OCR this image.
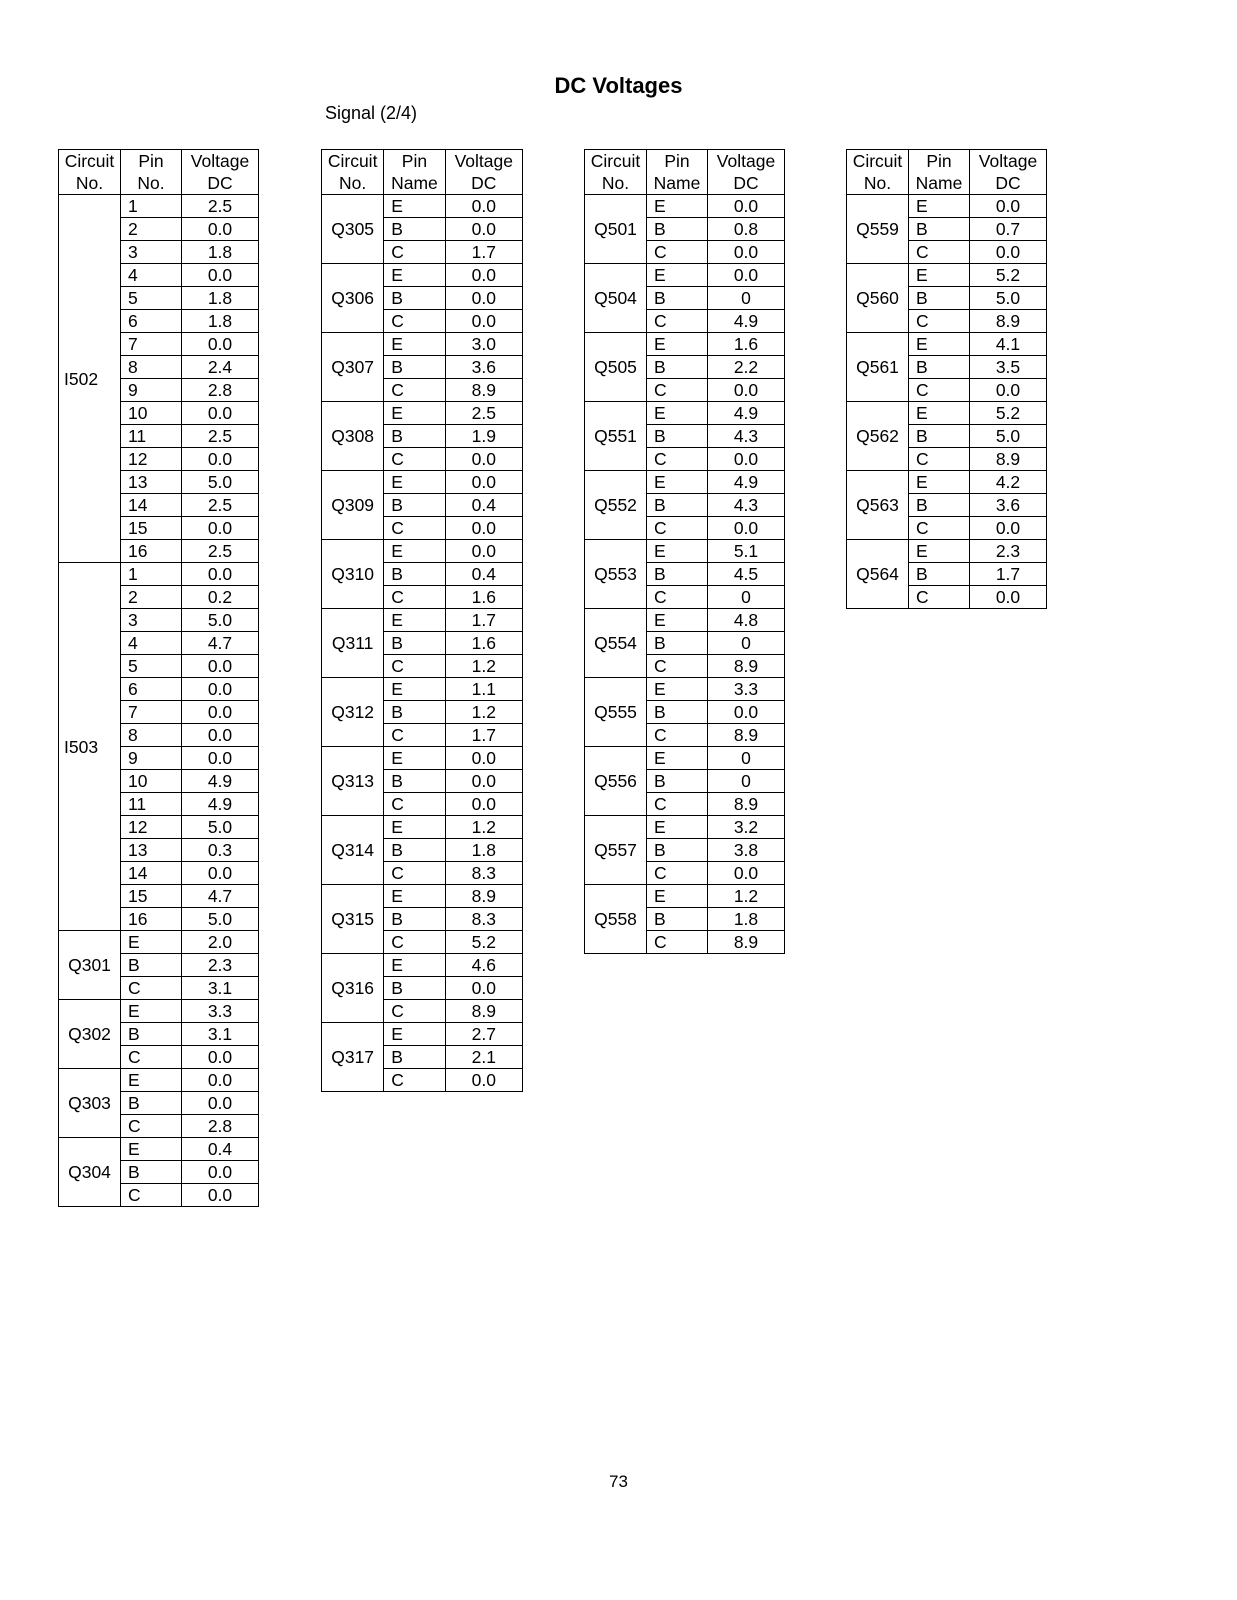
DC Voltages
Signal (2/4)
Circuit	Pin	Voltage
No.	No.	DC
I502	1	2.5
	2	0.0
	3	1.8
	4	0.0
	5	1.8
	6	1.8
	7	0.0
	8	2.4
	9	2.8
	10	0.0
	11	2.5
	12	0.0
	13	5.0
	14	2.5
	15	0.0
	16	2.5
I503	1	0.0
	2	0.2
	3	5.0
	4	4.7
	5	0.0
	6	0.0
	7	0.0
	8	0.0
	9	0.0
	10	4.9
	11	4.9
	12	5.0
	13	0.3
	14	0.0
	15	4.7
	16	5.0
Q301	E	2.0
	B	2.3
	C	3.1
Q302	E	3.3
	B	3.1
	C	0.0
Q303	E	0.0
	B	0.0
	C	2.8
Q304	E	0.4
	B	0.0
	C	0.0
Circuit	Pin	Voltage
No.	Name	DC
Q305	E	0.0
	B	0.0
	C	1.7
Q306	E	0.0
	B	0.0
	C	0.0
Q307	E	3.0
	B	3.6
	C	8.9
Q308	E	2.5
	B	1.9
	C	0.0
Q309	E	0.0
	B	0.4
	C	0.0
Q310	E	0.0
	B	0.4
	C	1.6
Q311	E	1.7
	B	1.6
	C	1.2
Q312	E	1.1
	B	1.2
	C	1.7
Q313	E	0.0
	B	0.0
	C	0.0
Q314	E	1.2
	B	1.8
	C	8.3
Q315	E	8.9
	B	8.3
	C	5.2
Q316	E	4.6
	B	0.0
	C	8.9
Q317	E	2.7
	B	2.1
	C	0.0
Circuit	Pin	Voltage
No.	Name	DC
Q501	E	0.0
	B	0.8
	C	0.0
Q504	E	0.0
	B	0
	C	4.9
Q505	E	1.6
	B	2.2
	C	0.0
Q551	E	4.9
	B	4.3
	C	0.0
Q552	E	4.9
	B	4.3
	C	0.0
Q553	E	5.1
	B	4.5
	C	0
Q554	E	4.8
	B	0
	C	8.9
Q555	E	3.3
	B	0.0
	C	8.9
Q556	E	0
	B	0
	C	8.9
Q557	E	3.2
	B	3.8
	C	0.0
Q558	E	1.2
	B	1.8
	C	8.9
Circuit	Pin	Voltage
No.	Name	DC
Q559	E	0.0
	B	0.7
	C	0.0
Q560	E	5.2
	B	5.0
	C	8.9
Q561	E	4.1
	B	3.5
	C	0.0
Q562	E	5.2
	B	5.0
	C	8.9
Q563	E	4.2
	B	3.6
	C	0.0
Q564	E	2.3
	B	1.7
	C	0.0
73
